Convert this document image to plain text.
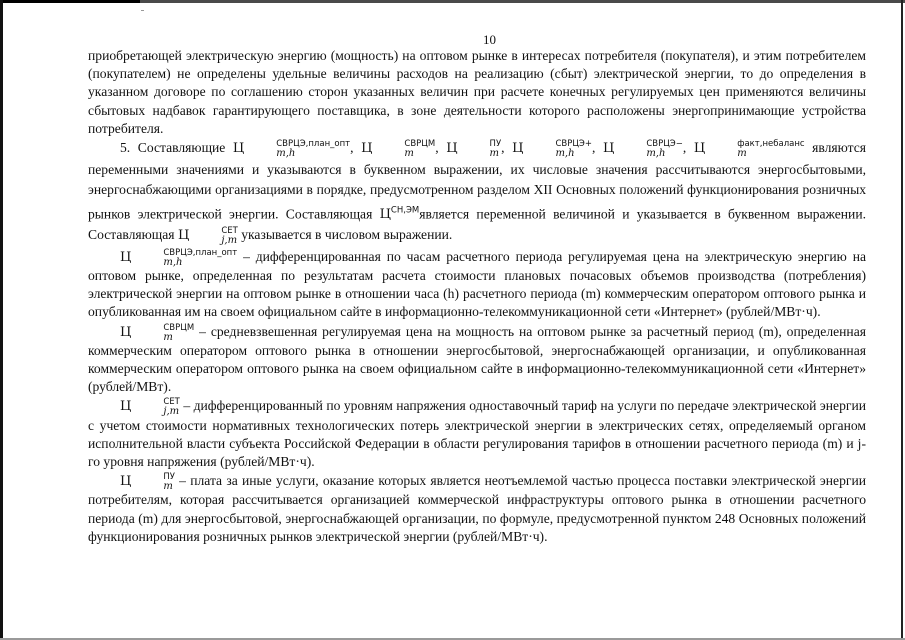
10

приобретающей электрическую энергию (мощность) на оптовом рынке в интересах потребителя (покупателя), и этим потребителем (покупателем) не определены удельные величины расходов на реализацию (сбыт) электрической энергии, то до определения в указанном договоре по соглашению сторон указанных величин при расчете конечных регулируемых цен применяются величины сбытовых надбавок гарантирующего поставщика, в зоне деятельности которого расположены энергопринимающие устройства потребителя.

5. Составляющие Ц	СВРЦЭ,план_опт
m,h	, Ц	СВРЦМ
m	, Ц	ПУ
m , Ц	СВРЦЭ+
m,h	, Ц	СВРЦЭ−
m,h	, Ц	факт,небаланс
m	являются переменными значениями и указываются в буквенном выражении, их числовые значения рассчитываются энергосбытовыми, энергоснабжающими организациями в порядке, предусмотренном разделом XII Основных положений функционирования розничных рынков электрической энергии. Составляющая $Ц^{СН,ЭМ}является$ переменной величиной и указывается в буквенном выражении. Составляющая Ц	СЕТ
j,m указывается в числовом выражении.

Ц	СВРЦЭ,план_опт
m,h	– дифференцированная по часам расчетного периода регулируемая цена на электрическую энергию на оптовом рынке, определенная по результатам расчета стоимости плановых почасовых объемов производства (потребления) электрической энергии на оптовом рынке в отношении часа (h) расчетного периода (m) коммерческим оператором оптового рынка и опубликованная им на своем официальном сайте в информационно-телекоммуникационной сети «Интернет» (рублей/МВт·ч).

Ц	СВРЦМ
m	– средневзвешенная регулируемая цена на мощность на оптовом рынке за расчетный период (m), определенная коммерческим оператором оптового рынка в отношении энергосбытовой, энергоснабжающей организации, и опубликованная коммерческим оператором оптового рынка на своем официальном сайте в информационно-телекоммуникационной сети «Интернет» (рублей/МВт).

Ц	СЕТ
j,m – дифференцированный по уровням напряжения одноставочный тариф на услуги по передаче электрической энергии с учетом стоимости нормативных технологических потерь электрической энергии в электрических сетях, определяемый органом исполнительной власти субъекта Российской Федерации в области регулирования тарифов в отношении расчетного периода (m) и j-го уровня напряжения (рублей/МВт·ч).

Ц	ПУ
m – плата за иные услуги, оказание которых является неотъемлемой частью процесса поставки электрической энергии потребителям, которая рассчитывается организацией коммерческой инфраструктуры оптового рынка в отношении расчетного периода (m) для энергосбытовой, энергоснабжающей организации, по формуле, предусмотренной пунктом 248 Основных положений функционирования розничных рынков электрической энергии (рублей/МВт·ч).
